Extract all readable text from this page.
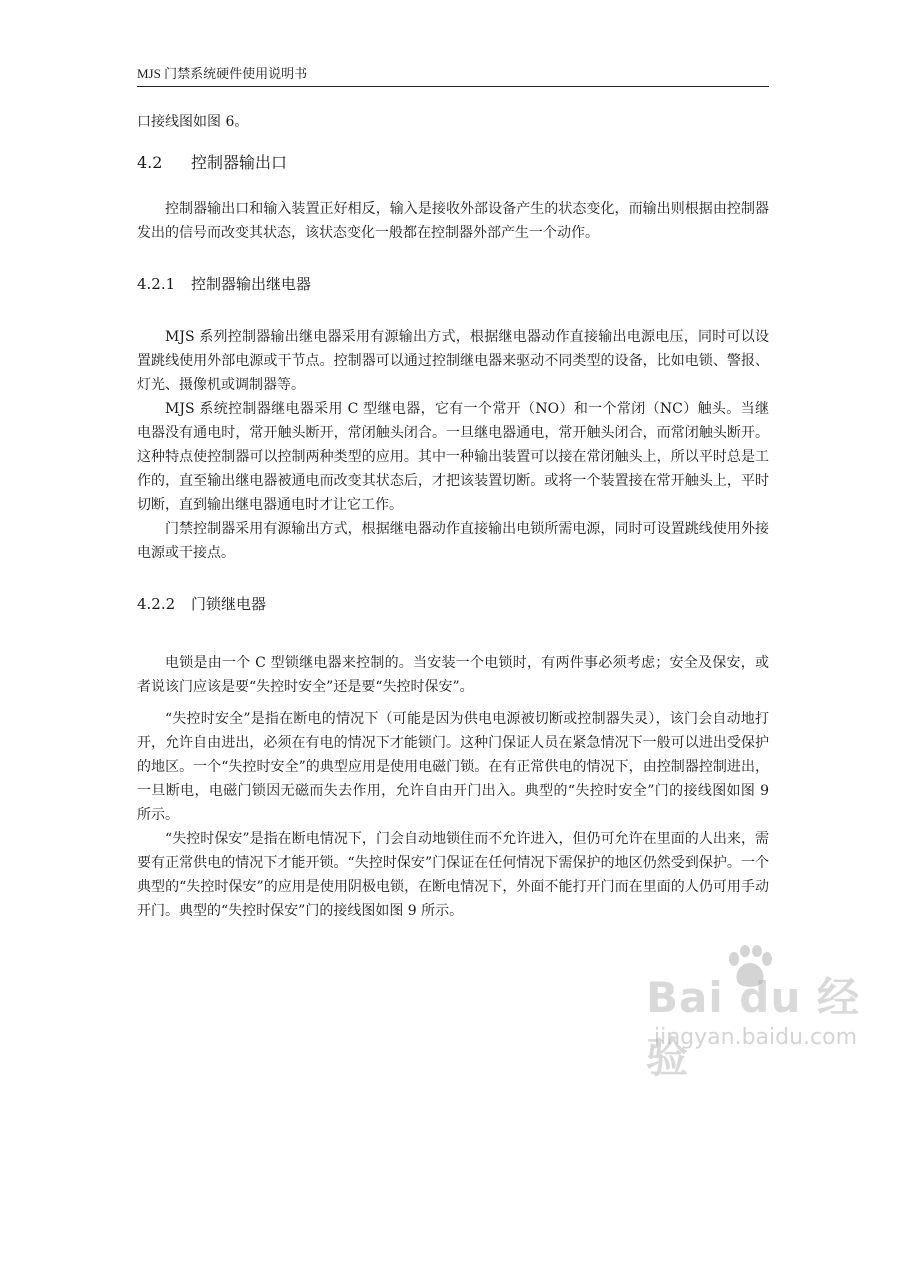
MJS 门禁系统硬件使用说明书

口接线图如图 6。

4.2 控制器输出口

控制器输出口和输入装置正好相反，输入是接收外部设备产生的状态变化，而输出则根据由控制器发出的信号而改变其状态，该状态变化一般都在控制器外部产生一个动作。

4.2.1 控制器输出继电器

MJS 系列控制器输出继电器采用有源输出方式，根据继电器动作直接输出电源电压，同时可以设置跳线使用外部电源或干节点。控制器可以通过控制继电器来驱动不同类型的设备，比如电锁、警报、灯光、摄像机或调制器等。

MJS 系统控制器继电器采用 C 型继电器，它有一个常开（NO）和一个常闭（NC）触头。当继电器没有通电时，常开触头断开，常闭触头闭合。一旦继电器通电，常开触头闭合，而常闭触头断开。这种特点使控制器可以控制两种类型的应用。其中一种输出装置可以接在常闭触头上，所以平时总是工作的，直至输出继电器被通电而改变其状态后，才把该装置切断。或将一个装置接在常开触头上，平时切断，直到输出继电器通电时才让它工作。

门禁控制器采用有源输出方式，根据继电器动作直接输出电锁所需电源，同时可设置跳线使用外接电源或干接点。

4.2.2 门锁继电器

电锁是由一个 C 型锁继电器来控制的。当安装一个电锁时，有两件事必须考虑；安全及保安，或者说该门应该是要“失控时安全”还是要“失控时保安”。

“失控时安全”是指在断电的情况下（可能是因为供电电源被切断或控制器失灵），该门会自动地打开，允许自由进出，必须在有电的情况下才能锁门。这种门保证人员在紧急情况下一般可以进出受保护的地区。一个“失控时安全”的典型应用是使用电磁门锁。在有正常供电的情况下，由控制器控制进出，一旦断电，电磁门锁因无磁而失去作用，允许自由开门出入。典型的“失控时安全”门的接线图如图 9 所示。

“失控时保安”是指在断电情况下，门会自动地锁住而不允许进入，但仍可允许在里面的人出来，需要有正常供电的情况下才能开锁。“失控时保安”门保证在任何情况下需保护的地区仍然受到保护。一个典型的“失控时保安”的应用是使用阴极电锁，在断电情况下，外面不能打开门而在里面的人仍可用手动开门。典型的“失控时保安”门的接线图如图 9 所示。

Bai du 经验
jingyan.baidu.com
